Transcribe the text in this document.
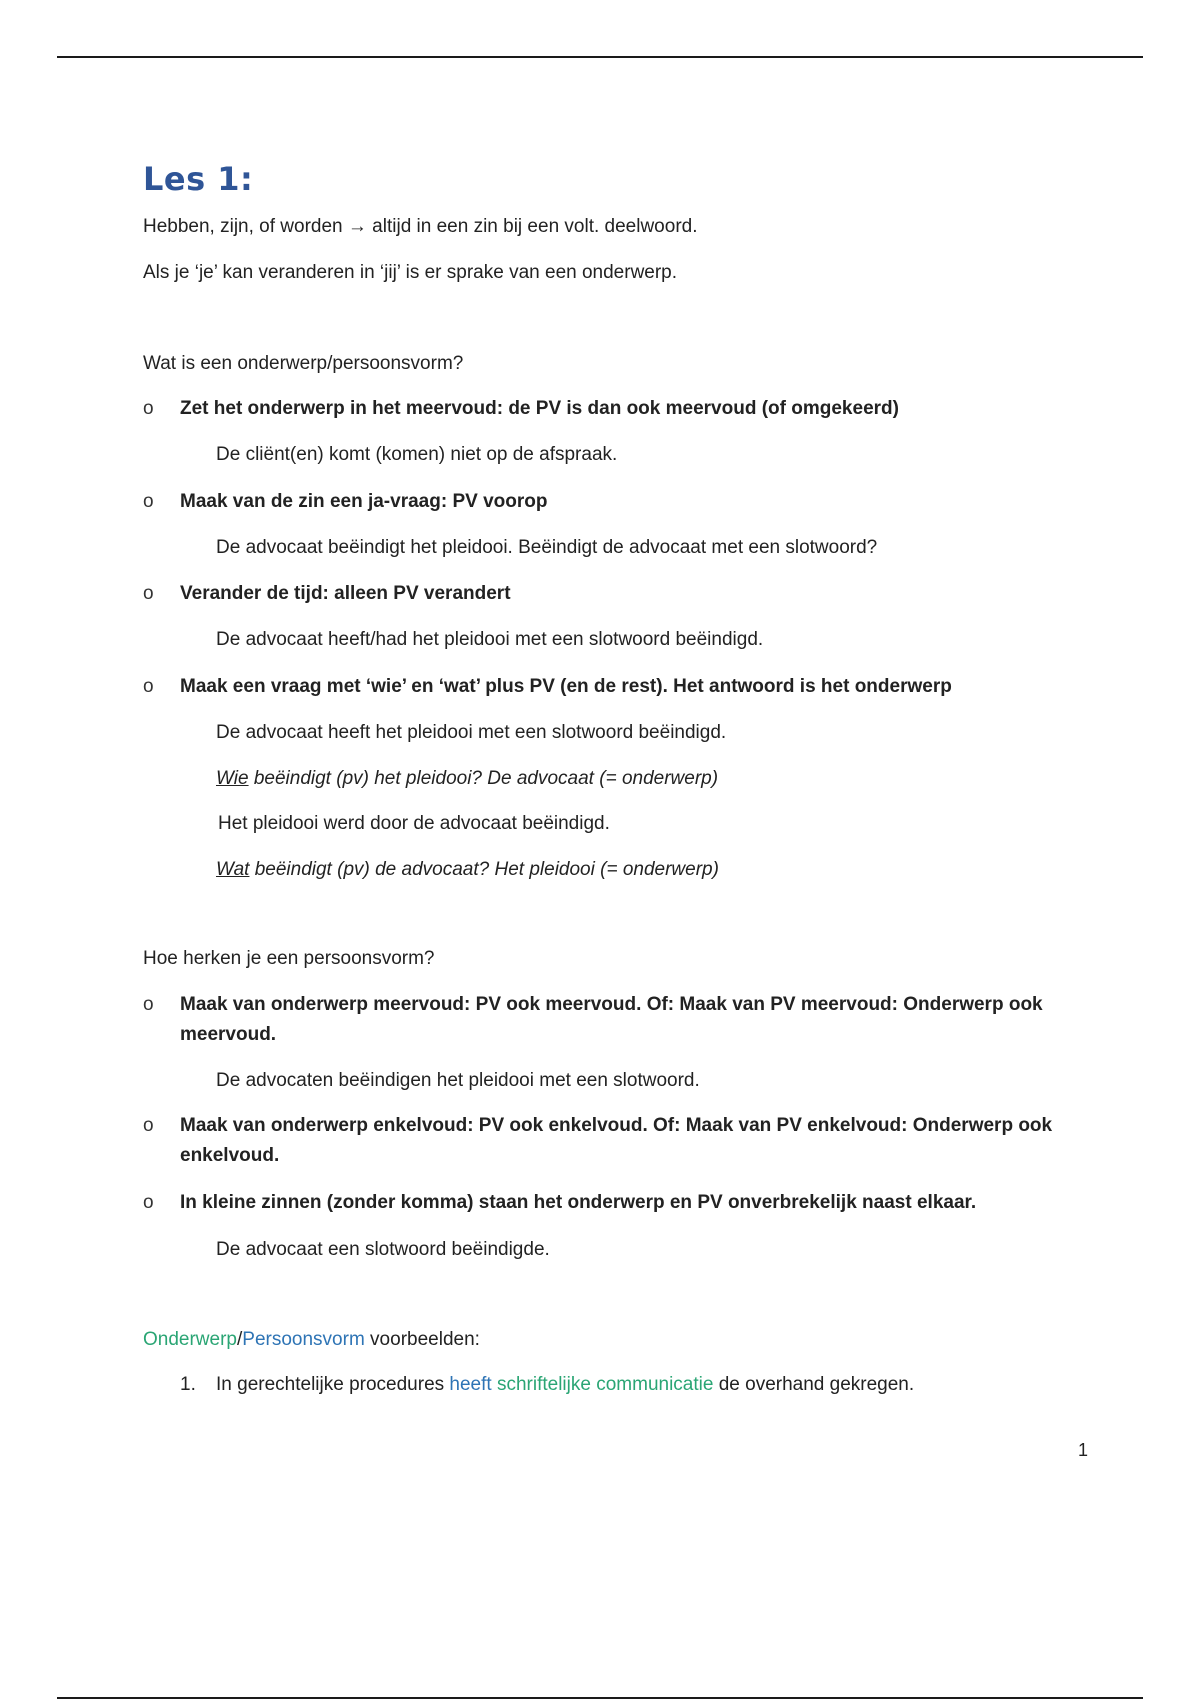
Les 1:
Hebben, zijn, of worden → altijd in een zin bij een volt. deelwoord.
Als je ‘je’ kan veranderen in ‘jij’ is er sprake van een onderwerp.
Wat is een onderwerp/persoonsvorm?
o Zet het onderwerp in het meervoud: de PV is dan ook meervoud (of omgekeerd)
De cliënt(en) komt (komen) niet op de afspraak.
o Maak van de zin een ja-vraag: PV voorop
De advocaat beëindigt het pleidooi. Beëindigt de advocaat met een slotwoord?
o Verander de tijd: alleen PV verandert
De advocaat heeft/had het pleidooi met een slotwoord beëindigd.
o Maak een vraag met ‘wie’ en ‘wat’ plus PV (en de rest). Het antwoord is het onderwerp
De advocaat heeft het pleidooi met een slotwoord beëindigd.
Wie beëindigt (pv) het pleidooi? De advocaat (= onderwerp)
Het pleidooi werd door de advocaat beëindigd.
Wat beëindigt (pv) de advocaat? Het pleidooi (= onderwerp)
Hoe herken je een persoonsvorm?
o Maak van onderwerp meervoud: PV ook meervoud. Of: Maak van PV meervoud: Onderwerp ook meervoud.
De advocaten beëindigen het pleidooi met een slotwoord.
o Maak van onderwerp enkelvoud: PV ook enkelvoud. Of: Maak van PV enkelvoud: Onderwerp ook enkelvoud.
o In kleine zinnen (zonder komma) staan het onderwerp en PV onverbrekelijk naast elkaar.
De advocaat een slotwoord beëindigde.
Onderwerp/Persoonsvorm voorbeelden:
1. In gerechtelijke procedures heeft schriftelijke communicatie de overhand gekregen.
1
